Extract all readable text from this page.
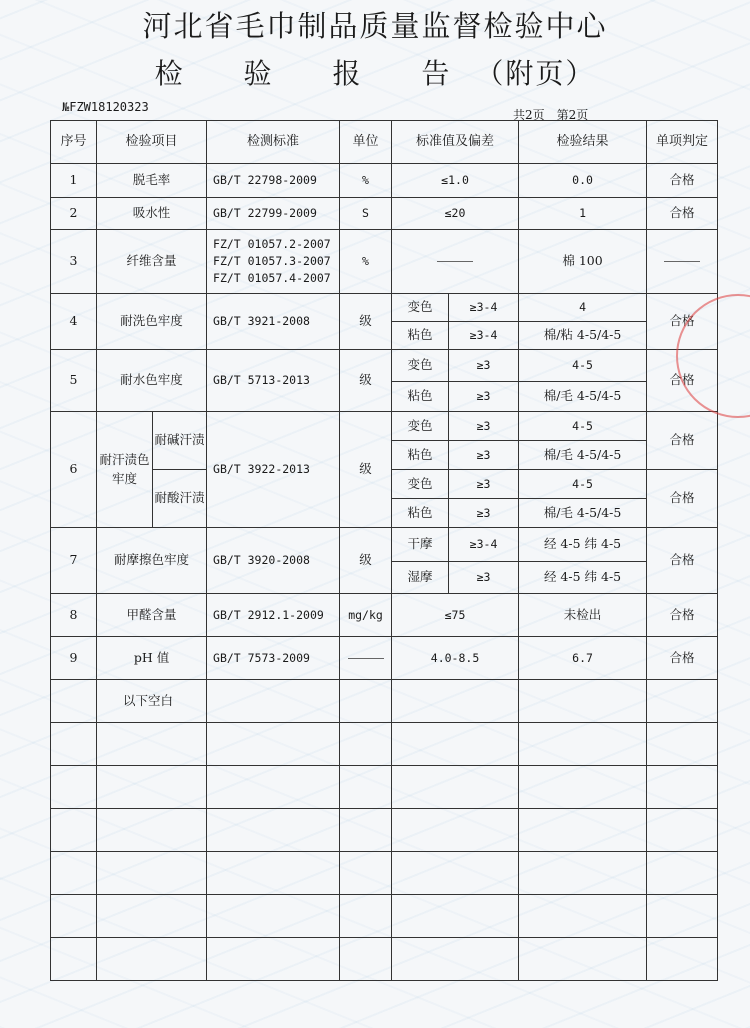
河北省毛巾制品质量监督检验中心
检 验 报 告（附页）
№FZW18120323
共2页　第2页
序号	检验项目		检测标准	单位	标准值及偏差		检验结果	单项判定
1	脱毛率		GB/T 22798-2009	%	≤1.0		0.0	合格
2	吸水性		GB/T 22799-2009	S	≤20		1	合格
3	纤维含量		FZ/T 01057.2-2007
FZ/T 01057.3-2007
FZ/T 01057.4-2007	%			棉 100	
4	耐洗色牢度		GB/T 3921-2008	级	变色	≥3-4	4	合格
					粘色	≥3-4	棉/粘 4-5/4-5	
5	耐水色牢度		GB/T 5713-2013	级	变色	≥3	4-5	合格
					粘色	≥3	棉/毛 4-5/4-5	
6	耐汗渍色牢度	耐碱汗渍	GB/T 3922-2013	级	变色	≥3	4-5	合格
					粘色	≥3	棉/毛 4-5/4-5	
		耐酸汗渍			变色	≥3	4-5	合格
					粘色	≥3	棉/毛 4-5/4-5	
7	耐摩擦色牢度		GB/T 3920-2008	级	干摩	≥3-4	经 4-5 纬 4-5	合格
					湿摩	≥3	经 4-5 纬 4-5	
8	甲醛含量		GB/T 2912.1-2009	mg/kg	≤75		未检出	合格
9	pH 值		GB/T 7573-2009		4.0-8.5		6.7	合格
	以下空白							
